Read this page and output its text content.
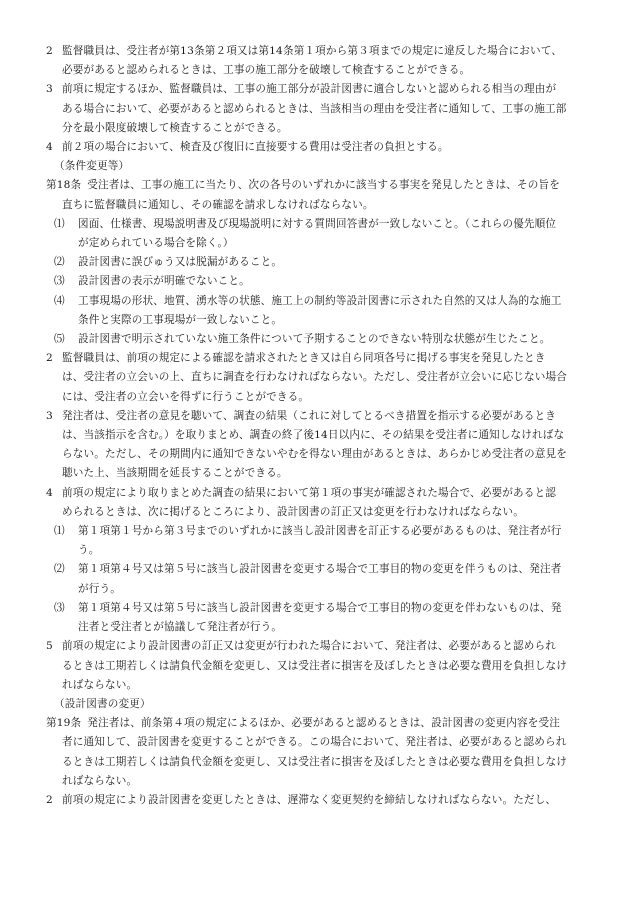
2 監督職員は、受注者が第13条第２項又は第14条第１項から第３項までの規定に違反した場合において、

必要があると認められるときは、工事の施工部分を破壊して検査することができる。

3 前項に規定するほか、監督職員は、工事の施工部分が設計図書に適合しないと認められる相当の理由が

ある場合において、必要があると認められるときは、当該相当の理由を受注者に通知して、工事の施工部

分を最小限度破壊して検査することができる。

4 前２項の場合において、検査及び復旧に直接要する費用は受注者の負担とする。

（条件変更等）

第18条 受注者は、工事の施工に当たり、次の各号のいずれかに該当する事実を発見したときは、その旨を

直ちに監督職員に通知し、その確認を請求しなければならない。

⑴ 図面、仕様書、現場説明書及び現場説明に対する質問回答書が一致しないこと。（これらの優先順位

が定められている場合を除く。）

⑵ 設計図書に誤びゅう又は脱漏があること。

⑶ 設計図書の表示が明確でないこと。

⑷ 工事現場の形状、地質、湧水等の状態、施工上の制約等設計図書に示された自然的又は人為的な施工

条件と実際の工事現場が一致しないこと。

⑸ 設計図書で明示されていない施工条件について予期することのできない特別な状態が生じたこと。

2 監督職員は、前項の規定による確認を請求されたとき又は自ら同項各号に掲げる事実を発見したとき

は、受注者の立会いの上、直ちに調査を行わなければならない。ただし、受注者が立会いに応じない場合

には、受注者の立会いを得ずに行うことができる。

3 発注者は、受注者の意見を聴いて、調査の結果（これに対してとるべき措置を指示する必要があるとき

は、当該指示を含む。）を取りまとめ、調査の終了後14日以内に、その結果を受注者に通知しなければな

らない。ただし、その期間内に通知できないやむを得ない理由があるときは、あらかじめ受注者の意見を

聴いた上、当該期間を延長することができる。

4 前項の規定により取りまとめた調査の結果において第１項の事実が確認された場合で、必要があると認

められるときは、次に掲げるところにより、設計図書の訂正又は変更を行わなければならない。

⑴ 第１項第１号から第３号までのいずれかに該当し設計図書を訂正する必要があるものは、発注者が行

う。

⑵ 第１項第４号又は第５号に該当し設計図書を変更する場合で工事目的物の変更を伴うものは、発注者

が行う。

⑶ 第１項第４号又は第５号に該当し設計図書を変更する場合で工事目的物の変更を伴わないものは、発

注者と受注者とが協議して発注者が行う。

5 前項の規定により設計図書の訂正又は変更が行われた場合において、発注者は、必要があると認められ

るときは工期若しくは請負代金額を変更し、又は受注者に損害を及ぼしたときは必要な費用を負担しなけ

ればならない。

（設計図書の変更）

第19条 発注者は、前条第４項の規定によるほか、必要があると認めるときは、設計図書の変更内容を受注

者に通知して、設計図書を変更することができる。この場合において、発注者は、必要があると認められ

るときは工期若しくは請負代金額を変更し、又は受注者に損害を及ぼしたときは必要な費用を負担しなけ

ればならない。

2 前項の規定により設計図書を変更したときは、遅滞なく変更契約を締結しなければならない。ただし、
